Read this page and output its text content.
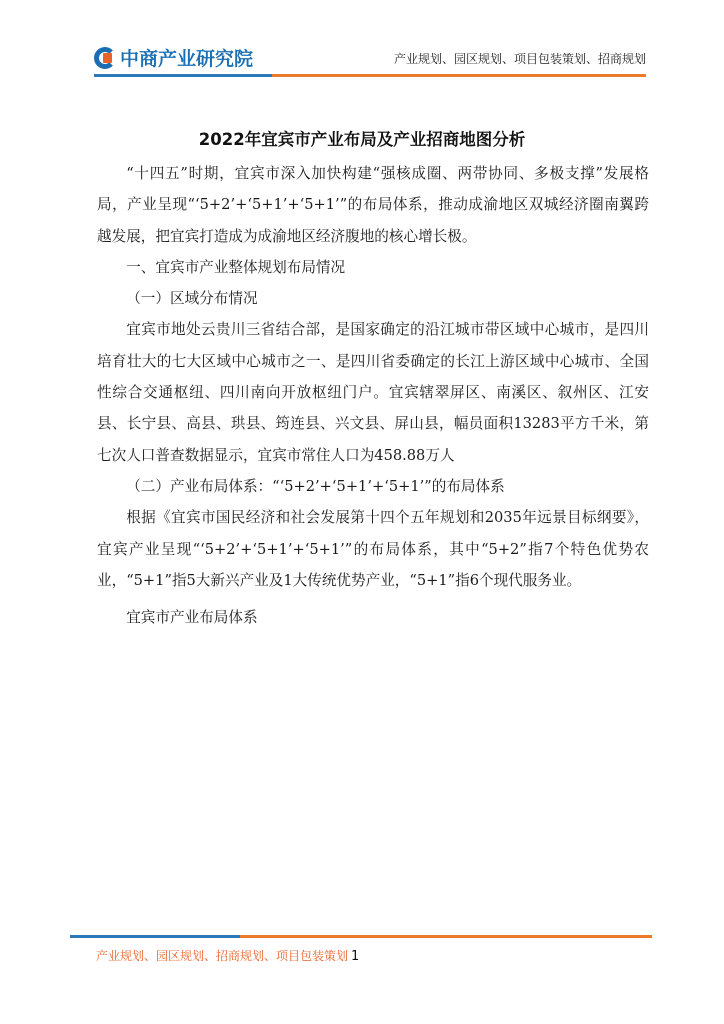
中商产业研究院	产业规划、园区规划、项目包装策划、招商规划
2022年宜宾市产业布局及产业招商地图分析

“十四五”时期，宜宾市深入加快构建“强核成圈、两带协同、多极支撑”发展格局，产业呈现“‘5+2’+‘5+1’+‘5+1’”的布局体系，推动成渝地区双城经济圈南翼跨越发展，把宜宾打造成为成渝地区经济腹地的核心增长极。

一、宜宾市产业整体规划布局情况

（一）区域分布情况

宜宾市地处云贵川三省结合部，是国家确定的沿江城市带区域中心城市，是四川培育壮大的七大区域中心城市之一、是四川省委确定的长江上游区域中心城市、全国性综合交通枢纽、四川南向开放枢纽门户。宜宾辖翠屏区、南溪区、叙州区、江安县、长宁县、高县、珙县、筠连县、兴文县、屏山县，幅员面积13283平方千米，第七次人口普查数据显示，宜宾市常住人口为458.88万人

（二）产业布局体系：“‘5+2’+‘5+1’+‘5+1’”的布局体系

根据《宜宾市国民经济和社会发展第十四个五年规划和2035年远景目标纲要》，宜宾产业呈现“‘5+2’+‘5+1’+‘5+1’”的布局体系，其中“5+2”指7个特色优势农业，“5+1”指5大新兴产业及1大传统优势产业，“5+1”指6个现代服务业。

宜宾市产业布局体系

产业规划、园区规划、招商规划、项目包装策划 1
